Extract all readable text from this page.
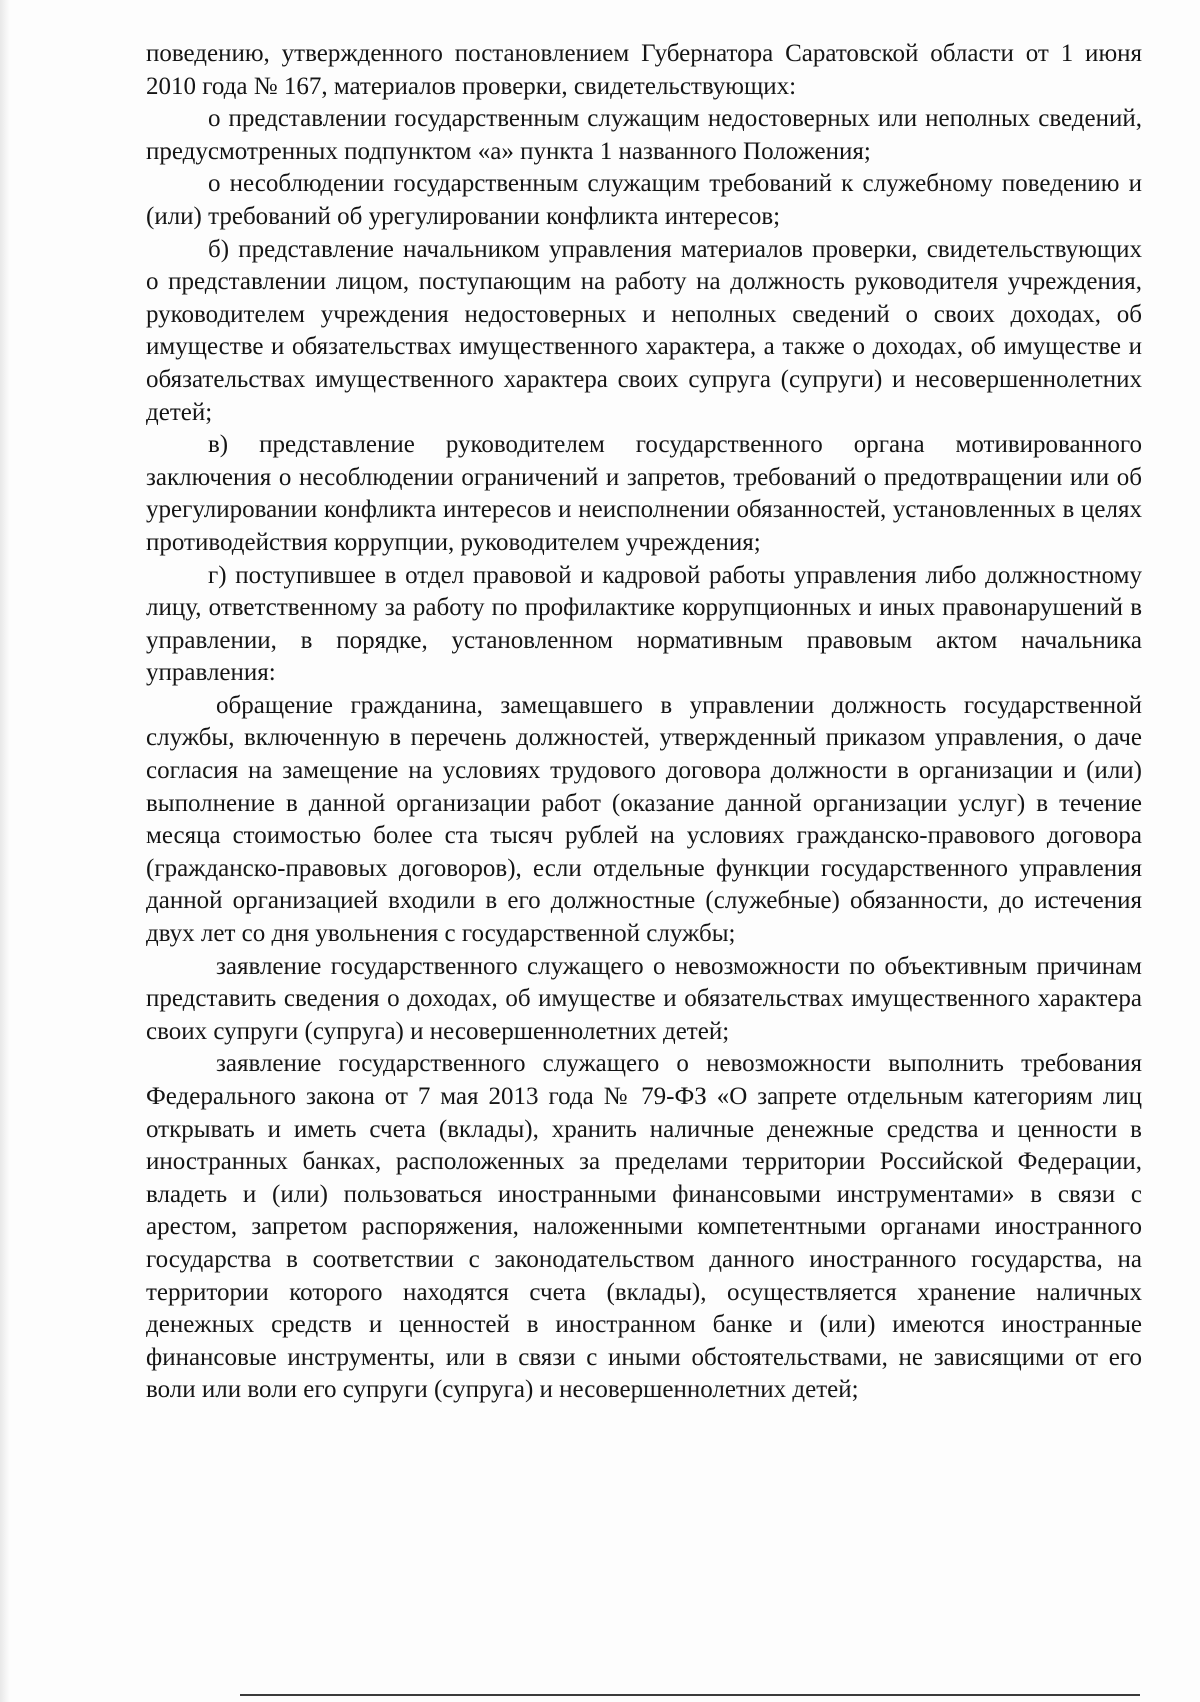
поведению, утвержденного постановлением Губернатора Саратовской области от 1 июня 2010 года № 167, материалов проверки, свидетельствующих:

о представлении государственным служащим недостоверных или неполных сведений, предусмотренных подпунктом «а» пункта 1 названного Положения;

о несоблюдении государственным служащим требований к служебному поведению и (или) требований об урегулировании конфликта интересов;

б) представление начальником управления материалов проверки, свидетельствующих о представлении лицом, поступающим на работу на должность руководителя учреждения, руководителем учреждения недостоверных и неполных сведений о своих доходах, об имуществе и обязательствах имущественного характера, а также о доходах, об имуществе и обязательствах имущественного характера своих супруга (супруги) и несовершеннолетних детей;

в) представление руководителем государственного органа мотивированного заключения о несоблюдении ограничений и запретов, требований о предотвращении или об урегулировании конфликта интересов и неисполнении обязанностей, установленных в целях противодействия коррупции, руководителем учреждения;

г) поступившее в отдел правовой и кадровой работы управления либо должностному лицу, ответственному за работу по профилактике коррупционных и иных правонарушений в управлении, в порядке, установленном нормативным правовым актом начальника управления:

обращение гражданина, замещавшего в управлении должность государственной службы, включенную в перечень должностей, утвержденный приказом управления, о даче согласия на замещение на условиях трудового договора должности в организации и (или) выполнение в данной организации работ (оказание данной организации услуг) в течение месяца стоимостью более ста тысяч рублей на условиях гражданско-правового договора (гражданско-правовых договоров), если отдельные функции государственного управления данной организацией входили в его должностные (служебные) обязанности, до истечения двух лет со дня увольнения с государственной службы;

заявление государственного служащего о невозможности по объективным причинам представить сведения о доходах, об имуществе и обязательствах имущественного характера своих супруги (супруга) и несовершеннолетних детей;

заявление государственного служащего о невозможности выполнить требования Федерального закона от 7 мая 2013 года № 79-ФЗ «О запрете отдельным категориям лиц открывать и иметь счета (вклады), хранить наличные денежные средства и ценности в иностранных банках, расположенных за пределами территории Российской Федерации, владеть и (или) пользоваться иностранными финансовыми инструментами» в связи с арестом, запретом распоряжения, наложенными компетентными органами иностранного государства в соответствии с законодательством данного иностранного государства, на территории которого находятся счета (вклады), осуществляется хранение наличных денежных средств и ценностей в иностранном банке и (или) имеются иностранные финансовые инструменты, или в связи с иными обстоятельствами, не зависящими от его воли или воли его супруги (супруга) и несовершеннолетних детей;
